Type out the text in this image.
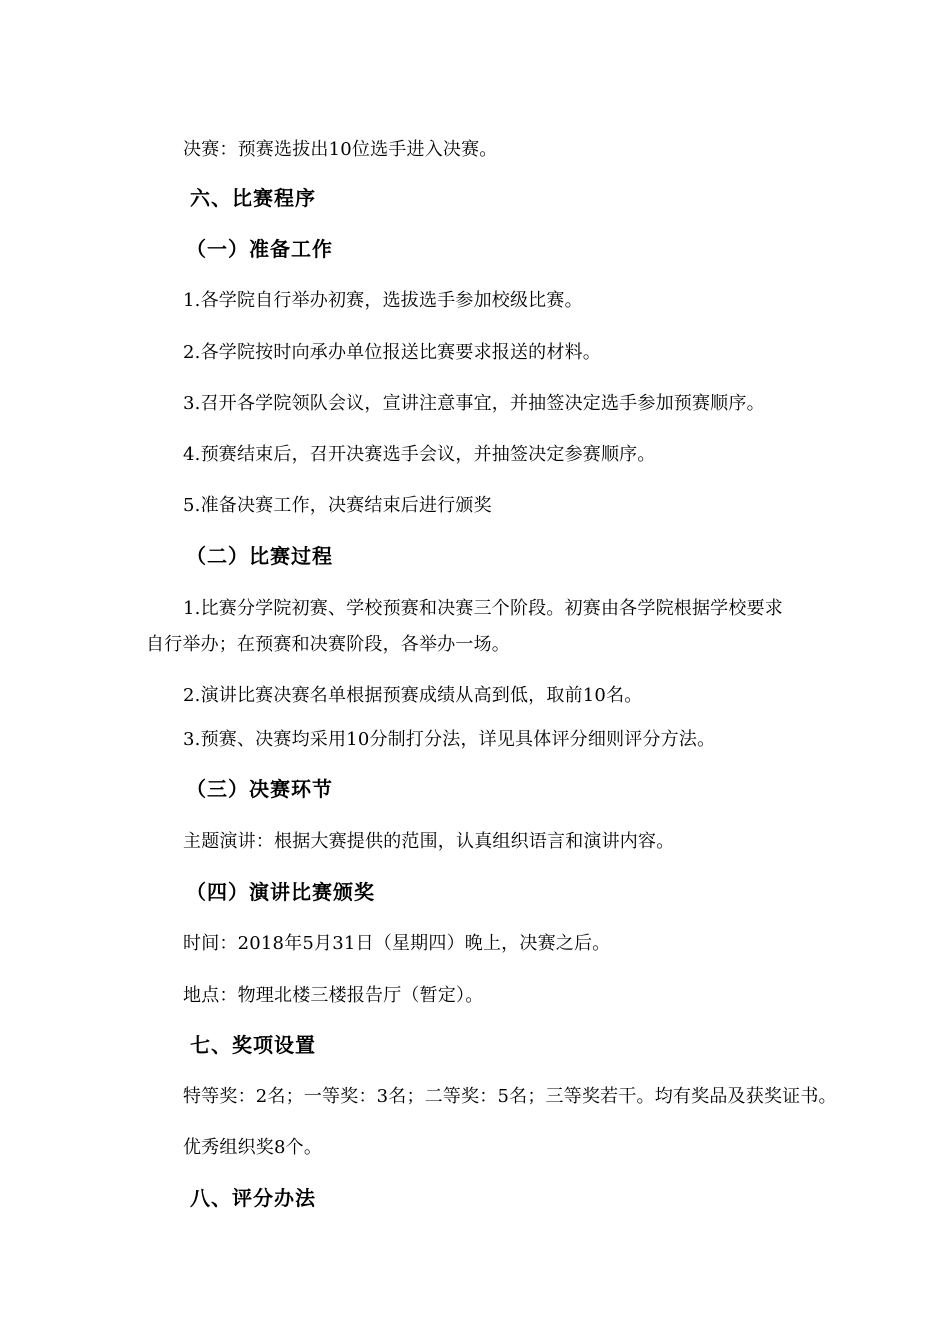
决赛：预赛选拔出10位选手进入决赛。
六、比赛程序
（一）准备工作
1.各学院自行举办初赛，选拔选手参加校级比赛。
2.各学院按时向承办单位报送比赛要求报送的材料。
3.召开各学院领队会议，宣讲注意事宜，并抽签决定选手参加预赛顺序。
4.预赛结束后，召开决赛选手会议，并抽签决定参赛顺序。
5.准备决赛工作，决赛结束后进行颁奖
（二）比赛过程
1.比赛分学院初赛、学校预赛和决赛三个阶段。初赛由各学院根据学校要求
自行举办；在预赛和决赛阶段，各举办一场。
2.演讲比赛决赛名单根据预赛成绩从高到低，取前10名。
3.预赛、决赛均采用10分制打分法，详见具体评分细则评分方法。
（三）决赛环节
主题演讲：根据大赛提供的范围，认真组织语言和演讲内容。
（四）演讲比赛颁奖
时间：2018年5月31日（星期四）晚上，决赛之后。
地点：物理北楼三楼报告厅（暂定）。
七、奖项设置
特等奖：2名；一等奖：3名；二等奖：5名；三等奖若干。均有奖品及获奖证书。
优秀组织奖8个。
八、评分办法
